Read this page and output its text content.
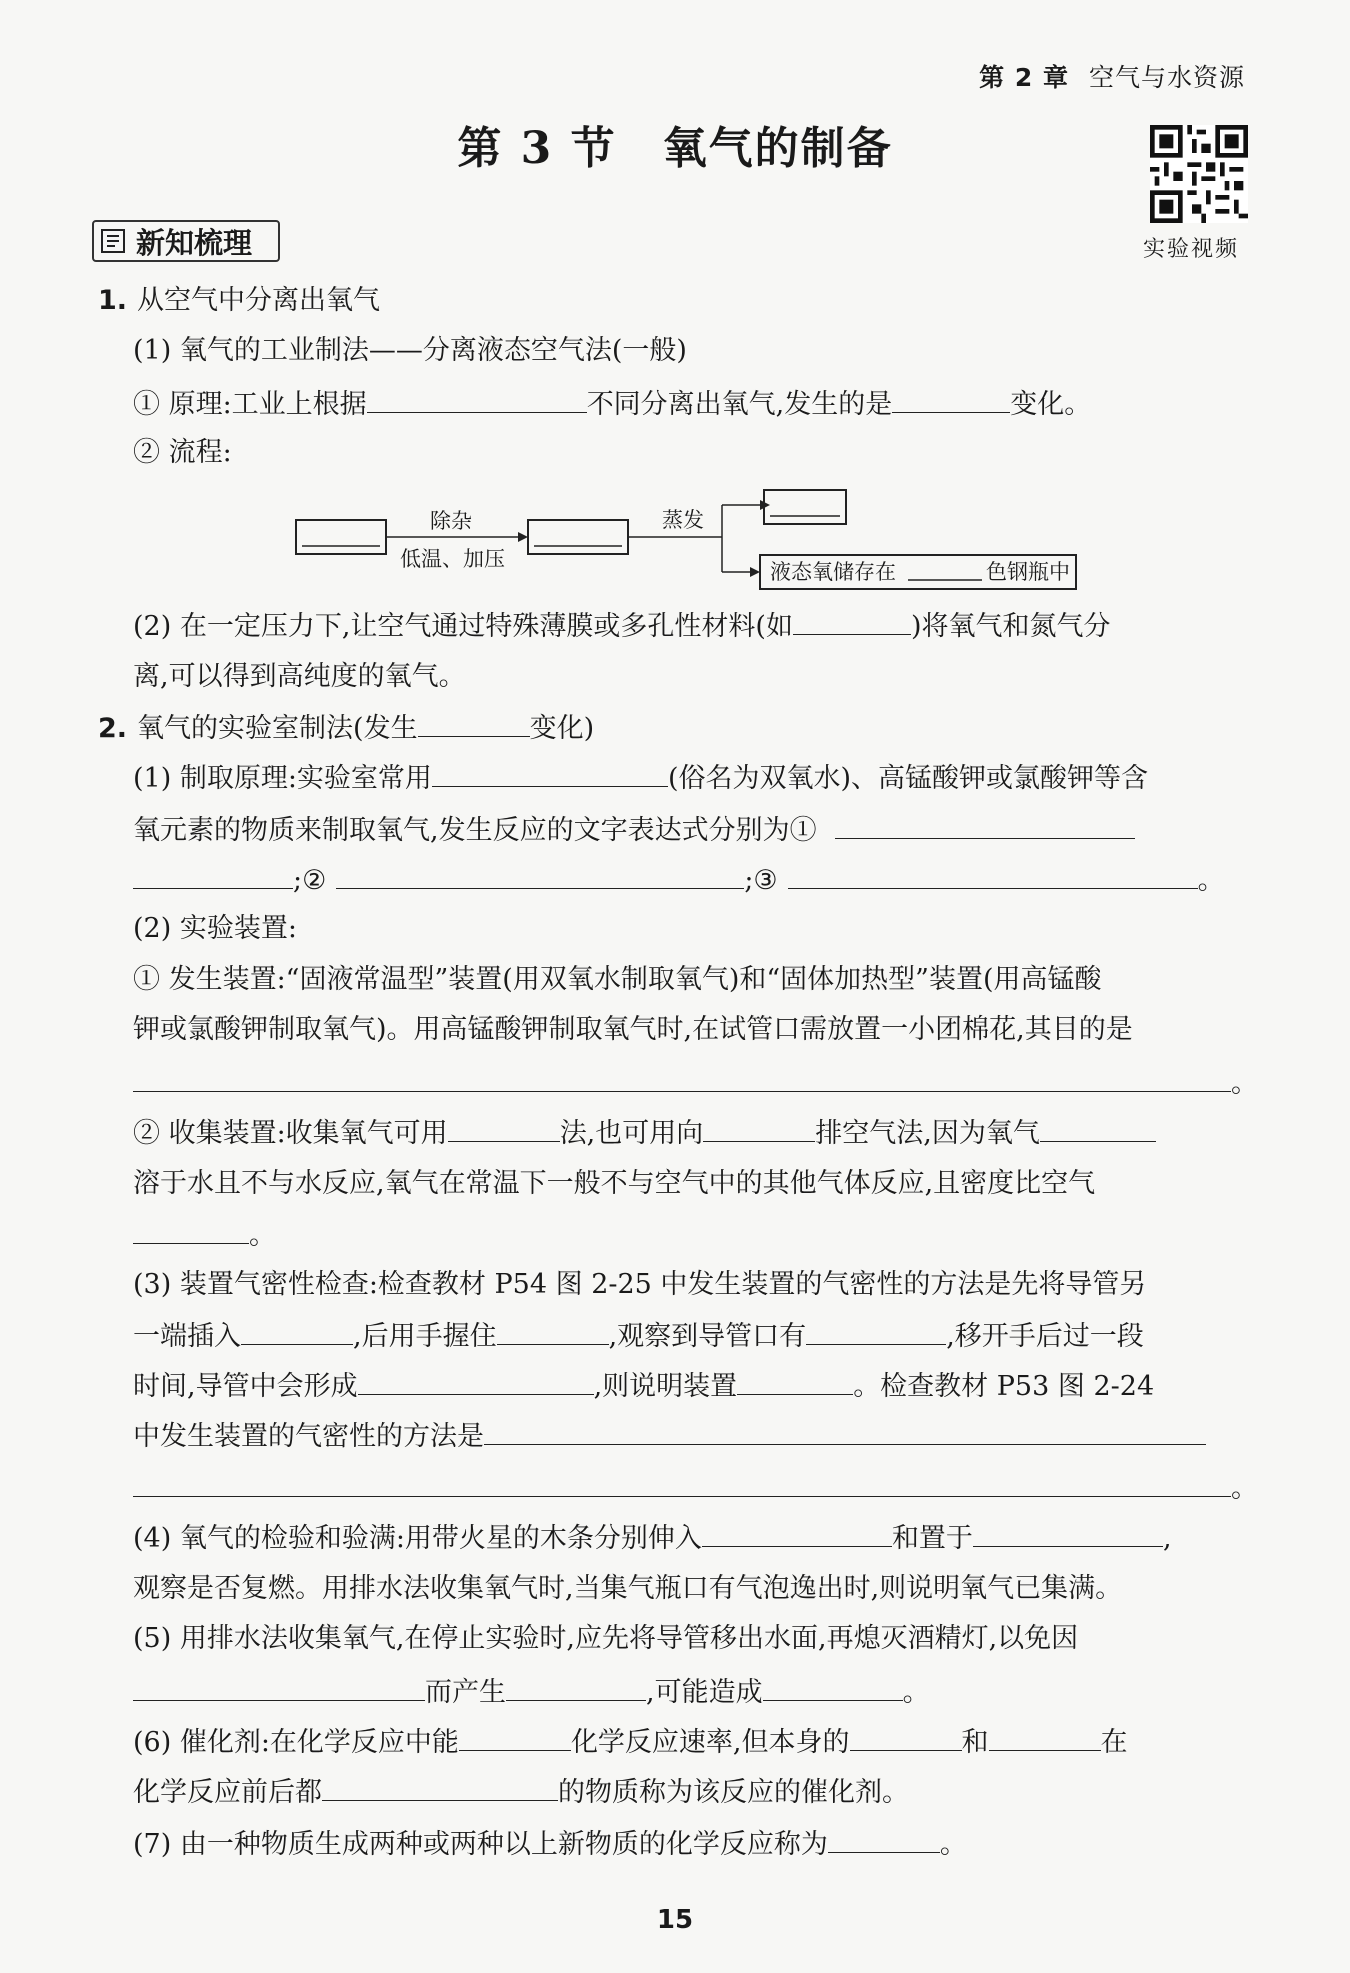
第 2 章 空气与水资源
第 3 节　氧气的制备
实验视频
新知梳理
1. 从空气中分离出氧气
(1) 氧气的工业制法——分离液态空气法(一般)
① 原理:工业上根据	不同分离出氧气,发生的是	变化。
② 流程:
除杂
低温、加压
蒸发
液态氧储存在	色钢瓶中
(2) 在一定压力下,让空气通过特殊薄膜或多孔性材料(如	)将氧气和氮气分
离,可以得到高纯度的氧气。
2. 氧气的实验室制法(发生	变化)
(1) 制取原理:实验室常用	(俗名为双氧水)、高锰酸钾或氯酸钾等含
氧元素的物质来制取氧气,发生反应的文字表达式分别为①
;②	;③	。
(2) 实验装置:
① 发生装置:“固液常温型”装置(用双氧水制取氧气)和“固体加热型”装置(用高锰酸
钾或氯酸钾制取氧气)。用高锰酸钾制取氧气时,在试管口需放置一小团棉花,其目的是
。
② 收集装置:收集氧气可用	法,也可用向	排空气法,因为氧气
溶于水且不与水反应,氧气在常温下一般不与空气中的其他气体反应,且密度比空气
。
(3) 装置气密性检查:检查教材 P54 图 2-25 中发生装置的气密性的方法是先将导管另
一端插入	,后用手握住	,观察到导管口有	,移开手后过一段
时间,导管中会形成	,则说明装置	。检查教材 P53 图 2-24
中发生装置的气密性的方法是
。
(4) 氧气的检验和验满:用带火星的木条分别伸入	和置于	,
观察是否复燃。用排水法收集氧气时,当集气瓶口有气泡逸出时,则说明氧气已集满。
(5) 用排水法收集氧气,在停止实验时,应先将导管移出水面,再熄灭酒精灯,以免因
而产生	,可能造成	。
(6) 催化剂:在化学反应中能	化学反应速率,但本身的	和	在
化学反应前后都	的物质称为该反应的催化剂。
(7) 由一种物质生成两种或两种以上新物质的化学反应称为	。
15
